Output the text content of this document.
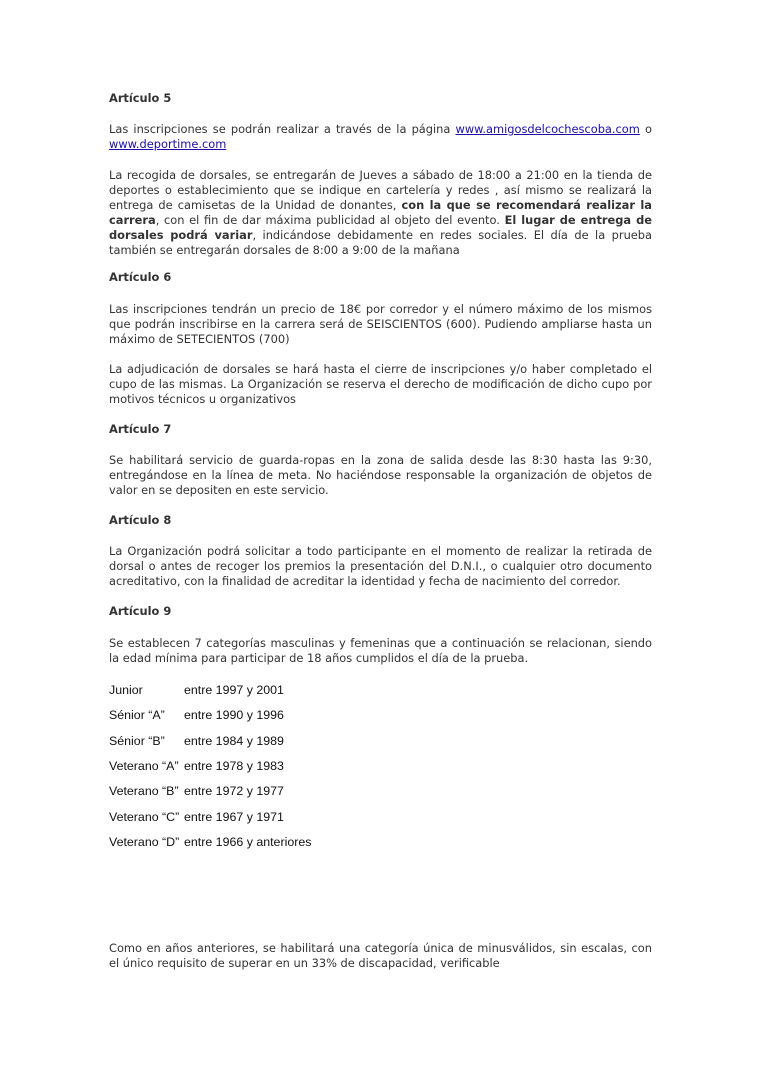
Artículo 5

Las inscripciones se podrán realizar a través de la página www.amigosdelcochescoba.com o www.deportime.com

La recogida de dorsales, se entregarán de Jueves a sábado de 18:00 a 21:00 en la tienda de deportes o establecimiento que se indique en cartelería y redes , así mismo se realizará la entrega de camisetas de la Unidad de donantes, con la que se recomendará realizar la carrera, con el fin de dar máxima publicidad al objeto del evento. El lugar de entrega de dorsales podrá variar, indicándose debidamente en redes sociales. El día de la prueba también se entregarán dorsales de 8:00 a 9:00 de la mañana

Artículo 6

Las inscripciones tendrán un precio de 18€ por corredor y el número máximo de los mismos que podrán inscribirse en la carrera será de SEISCIENTOS (600). Pudiendo ampliarse hasta un máximo de SETECIENTOS (700)

La adjudicación de dorsales se hará hasta el cierre de inscripciones y/o haber completado el cupo de las mismas. La Organización se reserva el derecho de modificación de dicho cupo por motivos técnicos u organizativos

Artículo 7

Se habilitará servicio de guarda-ropas en la zona de salida desde las 8:30 hasta las 9:30, entregándose en la línea de meta. No haciéndose responsable la organización de objetos de valor en se depositen en este servicio.

Artículo 8

La Organización podrá solicitar a todo participante en el momento de realizar la retirada de dorsal o antes de recoger los premios la presentación del D.N.I., o cualquier otro documento acreditativo, con la finalidad de acreditar la identidad y fecha de nacimiento del corredor.

Artículo 9

Se establecen 7 categorías masculinas y femeninas que a continuación se relacionan, siendo la edad mínima para participar de 18 años cumplidos el día de la prueba.

Junior	entre 1997 y 2001
Sénior “A” entre 1990 y 1996
Sénior “B” entre 1984 y 1989
Veterano “A” entre 1978 y 1983
Veterano “B” entre 1972 y 1977
Veterano “C” entre 1967 y 1971
Veterano “D” entre 1966 y anteriores

Como en años anteriores, se habilitará una categoría única de minusválidos, sin escalas, con el único requisito de superar en un 33% de discapacidad, verificable
